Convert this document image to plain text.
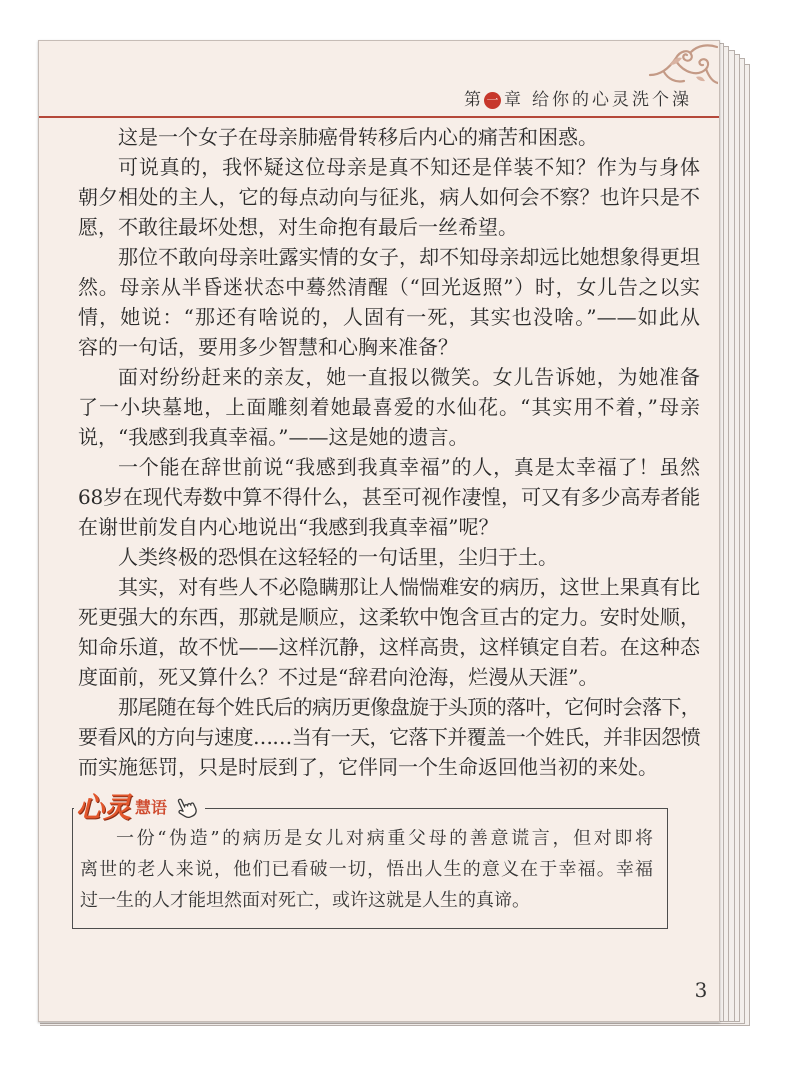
第 一 章 给你的心灵洗个澡
这是一个女子在母亲肺癌骨转移后内心的痛苦和困惑。
可说真的，我怀疑这位母亲是真不知还是佯装不知？作为与身体
朝夕相处的主人，它的每点动向与征兆，病人如何会不察？也许只是不
愿，不敢往最坏处想，对生命抱有最后一丝希望。
那位不敢向母亲吐露实情的女子，却不知母亲却远比她想象得更坦
然。母亲从半昏迷状态中蓦然清醒（“回光返照”）时，女儿告之以实
情，她说：“那还有啥说的，人固有一死，其实也没啥。”——如此从
容的一句话，要用多少智慧和心胸来准备？
面对纷纷赶来的亲友，她一直报以微笑。女儿告诉她，为她准备
了一小块墓地，上面雕刻着她最喜爱的水仙花。“其实用不着，”母亲
说，“我感到我真幸福。”——这是她的遗言。
一个能在辞世前说“我感到我真幸福”的人，真是太幸福了！虽然
68岁在现代寿数中算不得什么，甚至可视作凄惶，可又有多少高寿者能
在谢世前发自内心地说出“我感到我真幸福”呢？
人类终极的恐惧在这轻轻的一句话里，尘归于土。
其实，对有些人不必隐瞒那让人惴惴难安的病历，这世上果真有比
死更强大的东西，那就是顺应，这柔软中饱含亘古的定力。安时处顺，
知命乐道，故不忧——这样沉静，这样高贵，这样镇定自若。在这种态
度面前，死又算什么？不过是“辞君向沧海，烂漫从天涯”。
那尾随在每个姓氏后的病历更像盘旋于头顶的落叶，它何时会落下，
要看风的方向与速度……当有一天，它落下并覆盖一个姓氏，并非因怨愤
而实施惩罚，只是时辰到了，它伴同一个生命返回他当初的来处。
一份“伪造”的病历是女儿对病重父母的善意谎言，但对即将
离世的老人来说，他们已看破一切，悟出人生的意义在于幸福。幸福
过一生的人才能坦然面对死亡，或许这就是人生的真谛。
心灵 慧语
3
